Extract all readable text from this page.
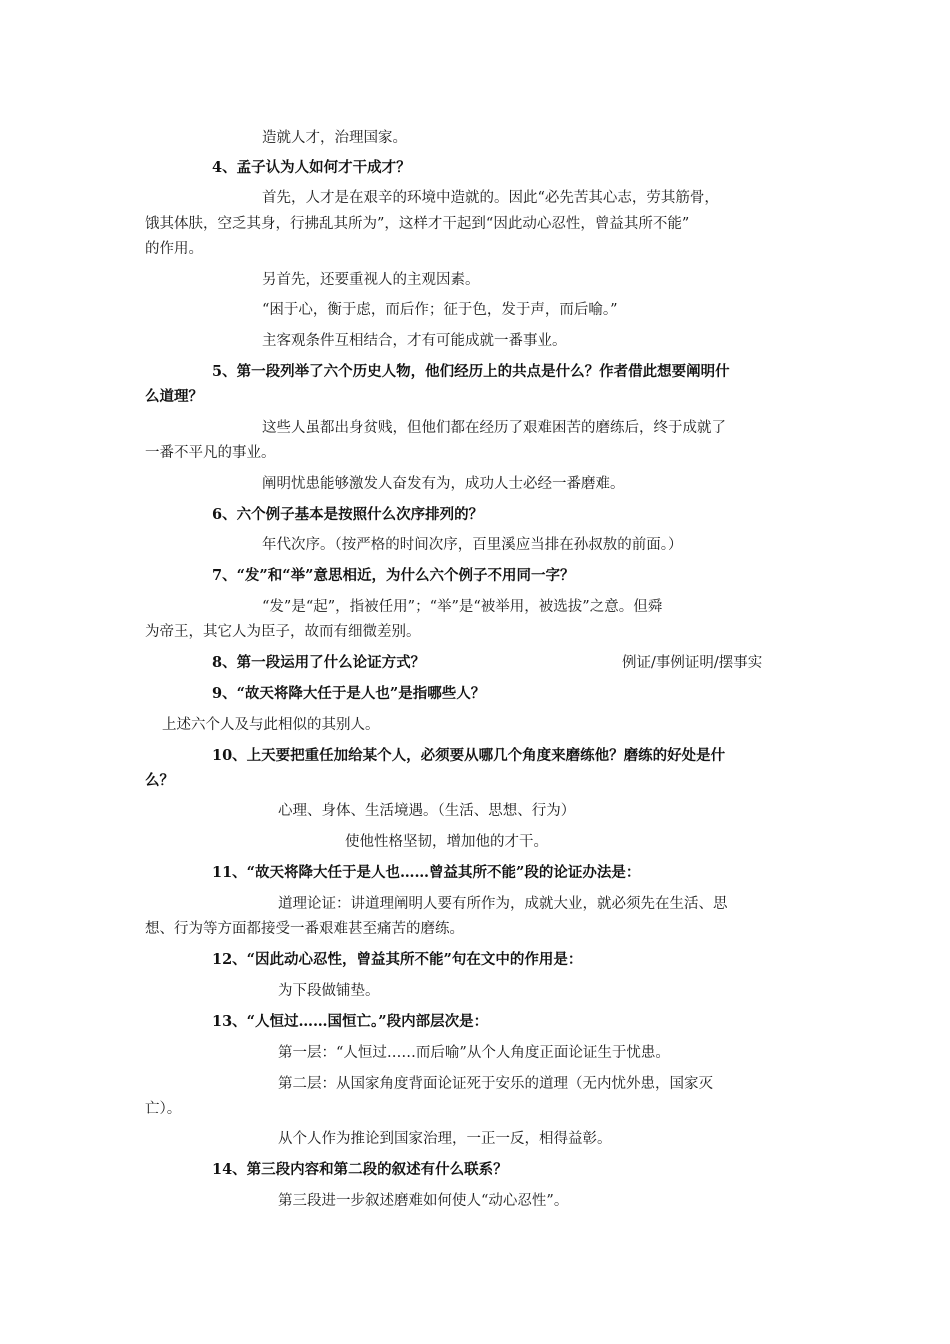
造就人才，治理国家。

4、孟子认为人如何才干成才？

首先，人才是在艰辛的环境中造就的。因此“必先苦其心志，劳其筋骨，

饿其体肤，空乏其身，行拂乱其所为”，这样才干起到“因此动心忍性，曾益其所不能”

的作用。

另首先，还要重视人的主观因素。

“困于心，衡于虑，而后作；征于色，发于声，而后喻。”

主客观条件互相结合，才有可能成就一番事业。

5、第一段列举了六个历史人物，他们经历上的共点是什么？作者借此想要阐明什

么道理？

这些人虽都出身贫贱，但他们都在经历了艰难困苦的磨练后，终于成就了

一番不平凡的事业。

阐明忧患能够激发人奋发有为，成功人士必经一番磨难。

6、六个例子基本是按照什么次序排列的？

年代次序。（按严格的时间次序，百里溪应当排在孙叔敖的前面。）

7、“发”和“举”意思相近，为什么六个例子不用同一字？

“发”是“起”，指被任用”；“举”是“被举用，被选拔”之意。但舜

为帝王，其它人为臣子，故而有细微差别。

8、第一段运用了什么论证方式？	例证/事例证明/摆事实

9、“故天将降大任于是人也”是指哪些人？

上述六个人及与此相似的其别人。

10、上天要把重任加给某个人，必须要从哪几个角度来磨练他？磨练的好处是什

么？

心理、身体、生活境遇。（生活、思想、行为）

使他性格坚韧，增加他的才干。

11、“故天将降大任于是人也……曾益其所不能”段的论证办法是：

道理论证：讲道理阐明人要有所作为，成就大业，就必须先在生活、思

想、行为等方面都接受一番艰难甚至痛苦的磨练。

12、“因此动心忍性，曾益其所不能”句在文中的作用是：

为下段做铺垫。

13、“人恒过……国恒亡。”段内部层次是：

第一层：“人恒过……而后喻”从个人角度正面论证生于忧患。

第二层：从国家角度背面论证死于安乐的道理（无内忧外患，国家灭

亡）。

从个人作为推论到国家治理，一正一反，相得益彰。

14、第三段内容和第二段的叙述有什么联系？

第三段进一步叙述磨难如何使人“动心忍性”。
